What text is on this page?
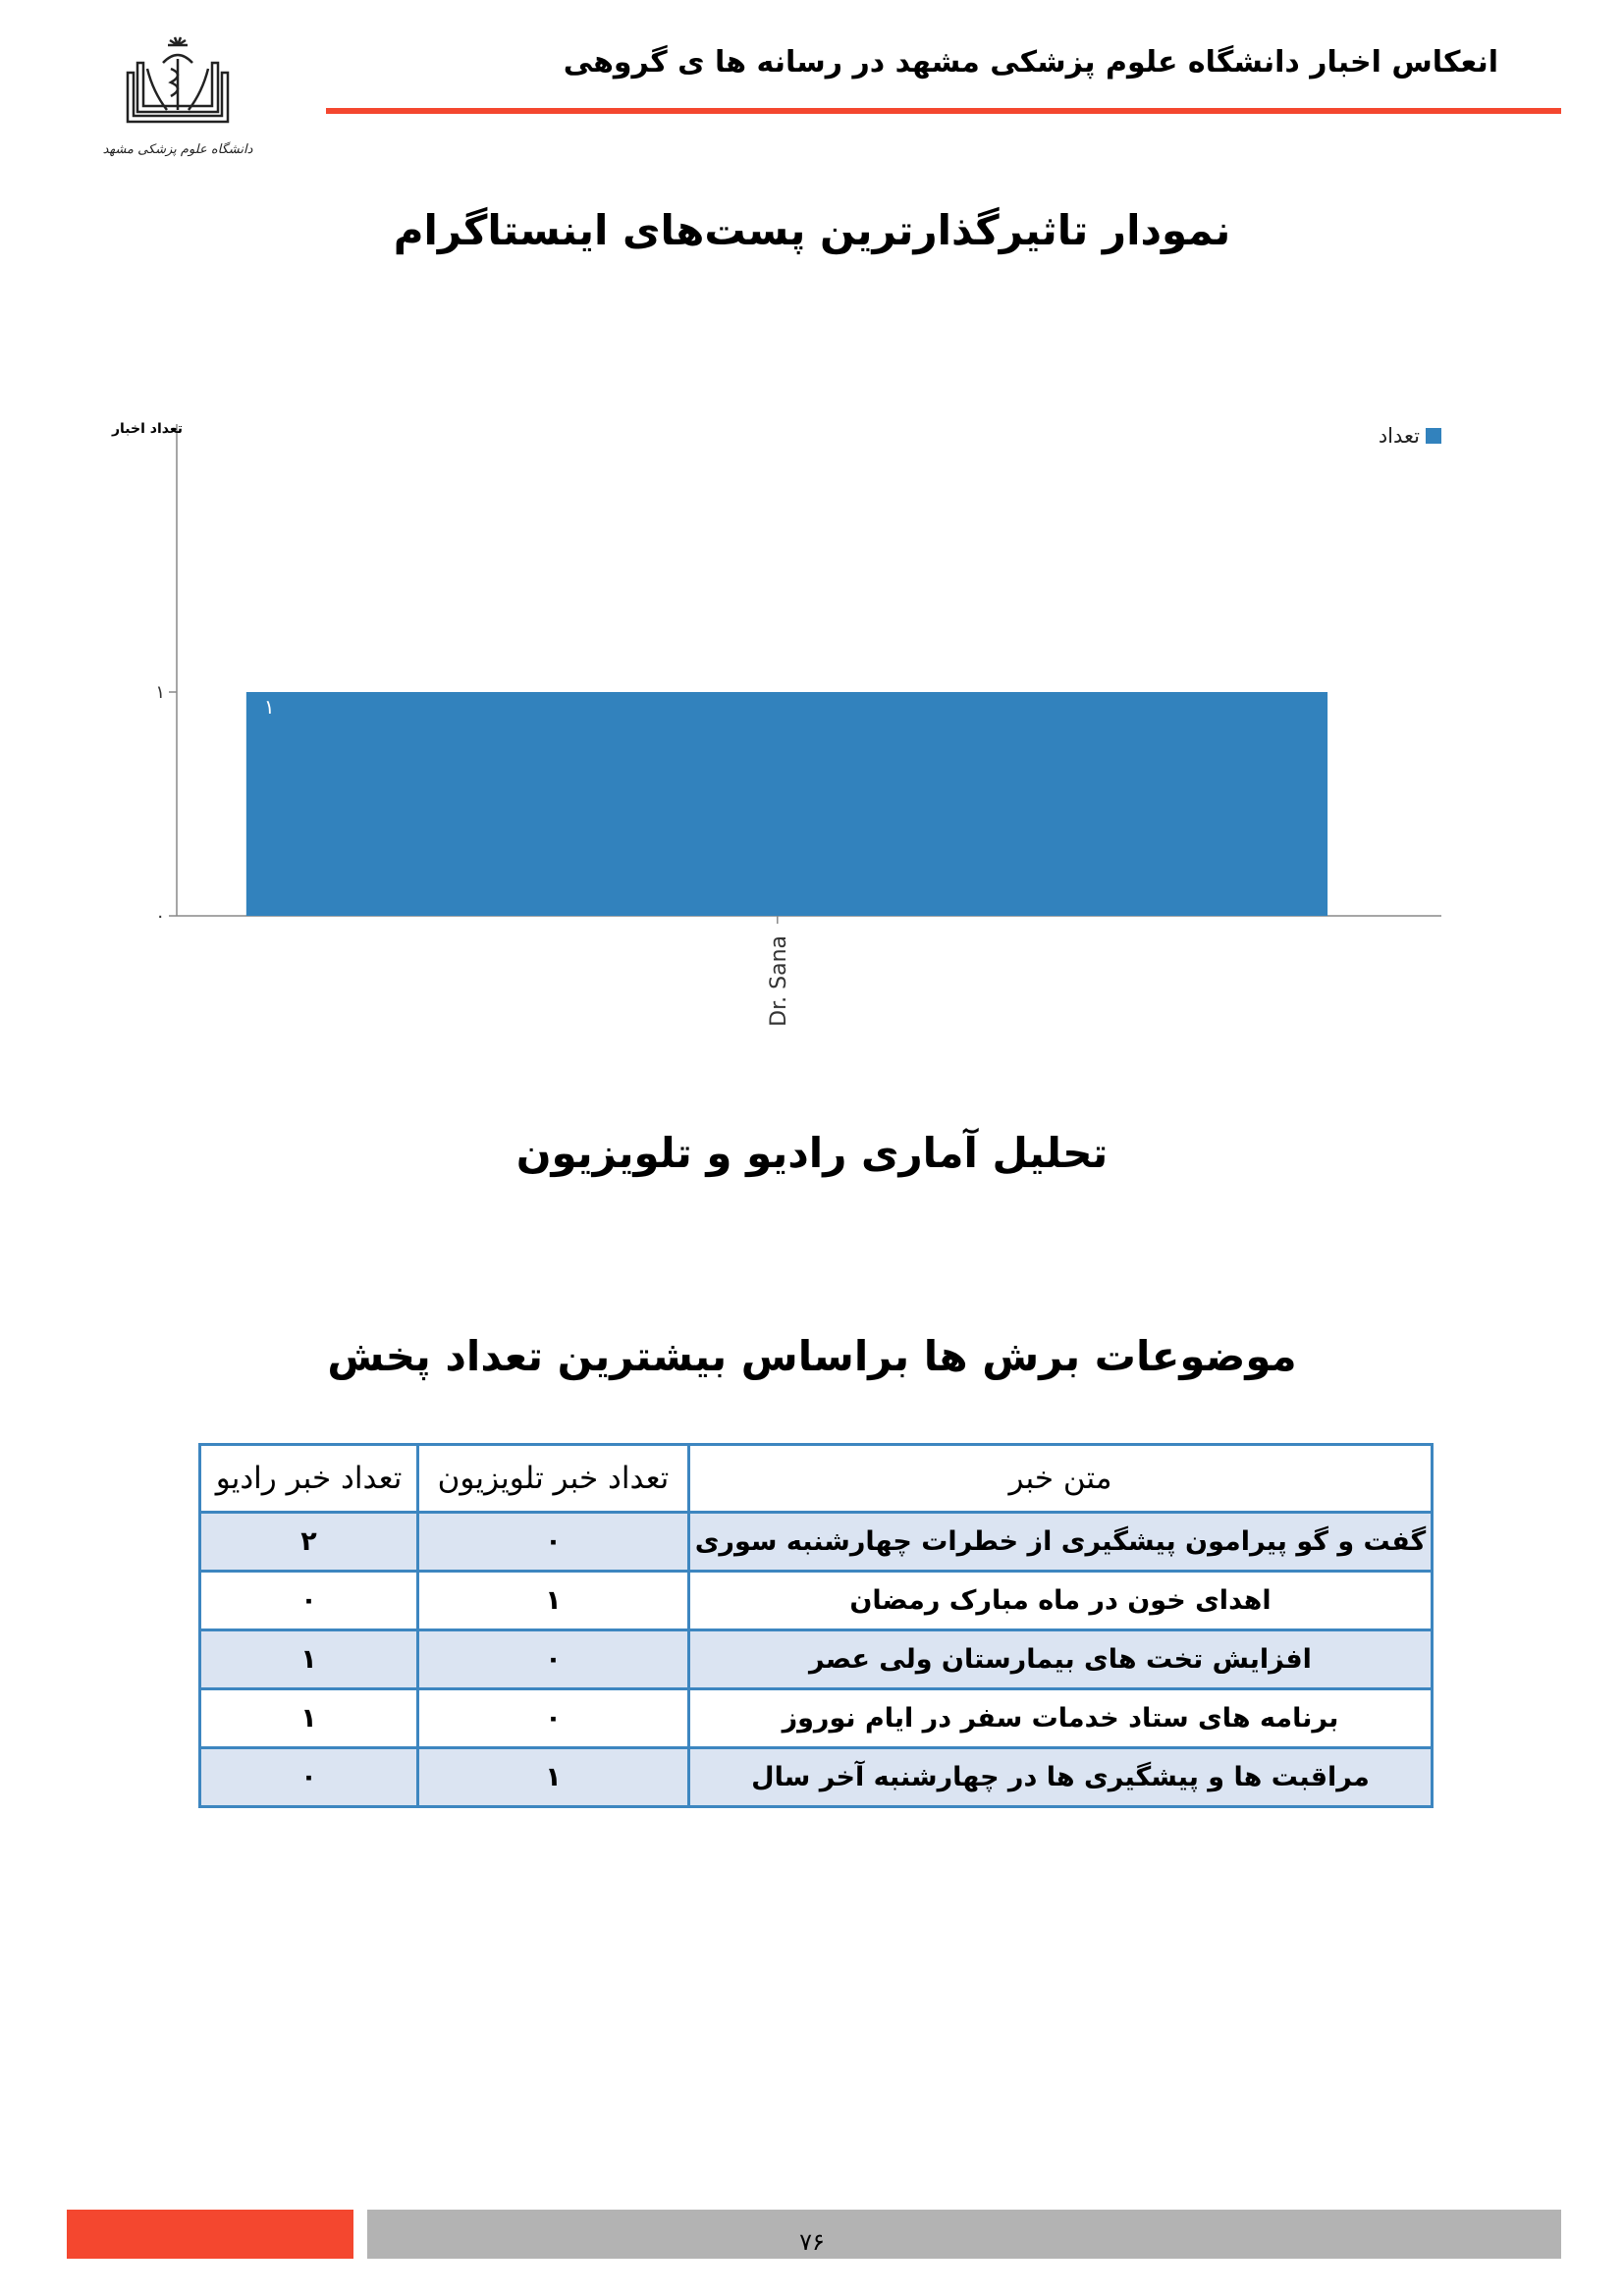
انعکاس اخبار دانشگاه علوم پزشکی مشهد در رسانه ها ی گروهی
دانشگاه علوم پزشکی مشهد
نمودار تاثیرگذارترین پست‌های اینستاگرام
تعداد اخبار
۰
۱
۱
Dr. Sana
تعداد
تحلیل آماری رادیو و تلویزیون
موضوعات برش ها براساس بیشترین تعداد پخش
متن خبر	تعداد خبر تلویزیون	تعداد خبر رادیو
گفت و گو پیرامون پیشگیری از خطرات چهارشنبه سوری	۰	۲
اهدای خون در ماه مبارک رمضان	۱	۰
افزایش تخت های بیمارستان ولی عصر	۰	۱
برنامه های ستاد خدمات سفر در ایام نوروز	۰	۱
مراقبت ها و پیشگیری ها در چهارشنبه آخر سال	۱	۰
۷۶
